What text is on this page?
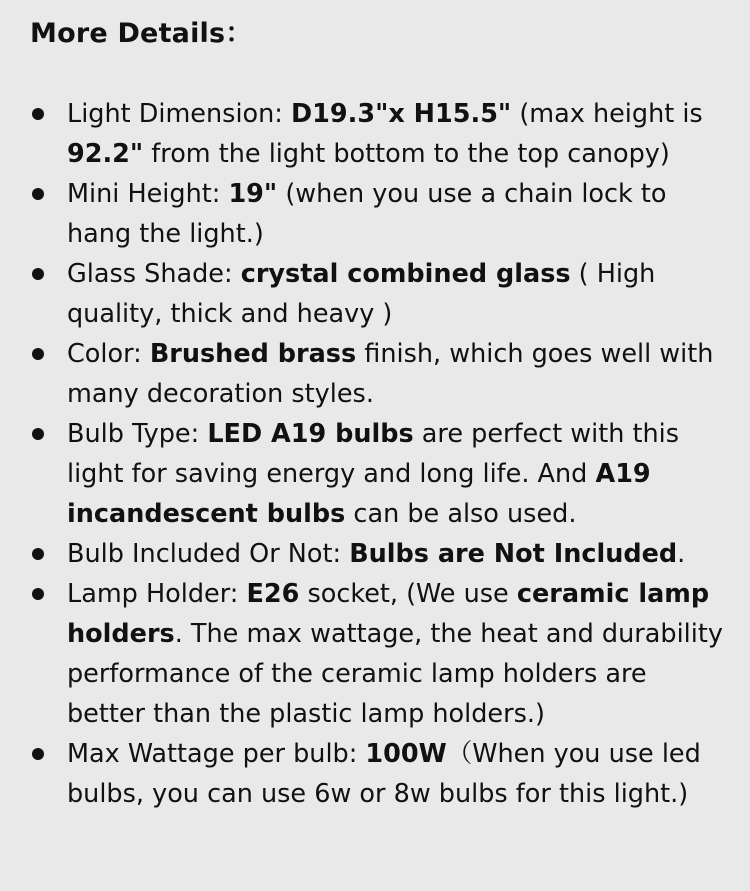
More Details：
Light Dimension: D19.3"x H15.5" (max height is 92.2" from the light bottom to the top canopy)
Mini Height: 19" (when you use a chain lock to hang the light.)
Glass Shade: crystal combined glass ( High quality, thick and heavy )
Color: Brushed brass finish, which goes well with many decoration styles.
Bulb Type: LED A19 bulbs are perfect with this light for saving energy and long life. And A19 incandescent bulbs can be also used.
Bulb Included Or Not: Bulbs are Not Included.
Lamp Holder: E26 socket, (We use ceramic lamp holders. The max wattage, the heat and durability performance of the ceramic lamp holders are better than the plastic lamp holders.)
Max Wattage per bulb: 100W（When you use led bulbs, you can use 6w or 8w bulbs for this light.)
